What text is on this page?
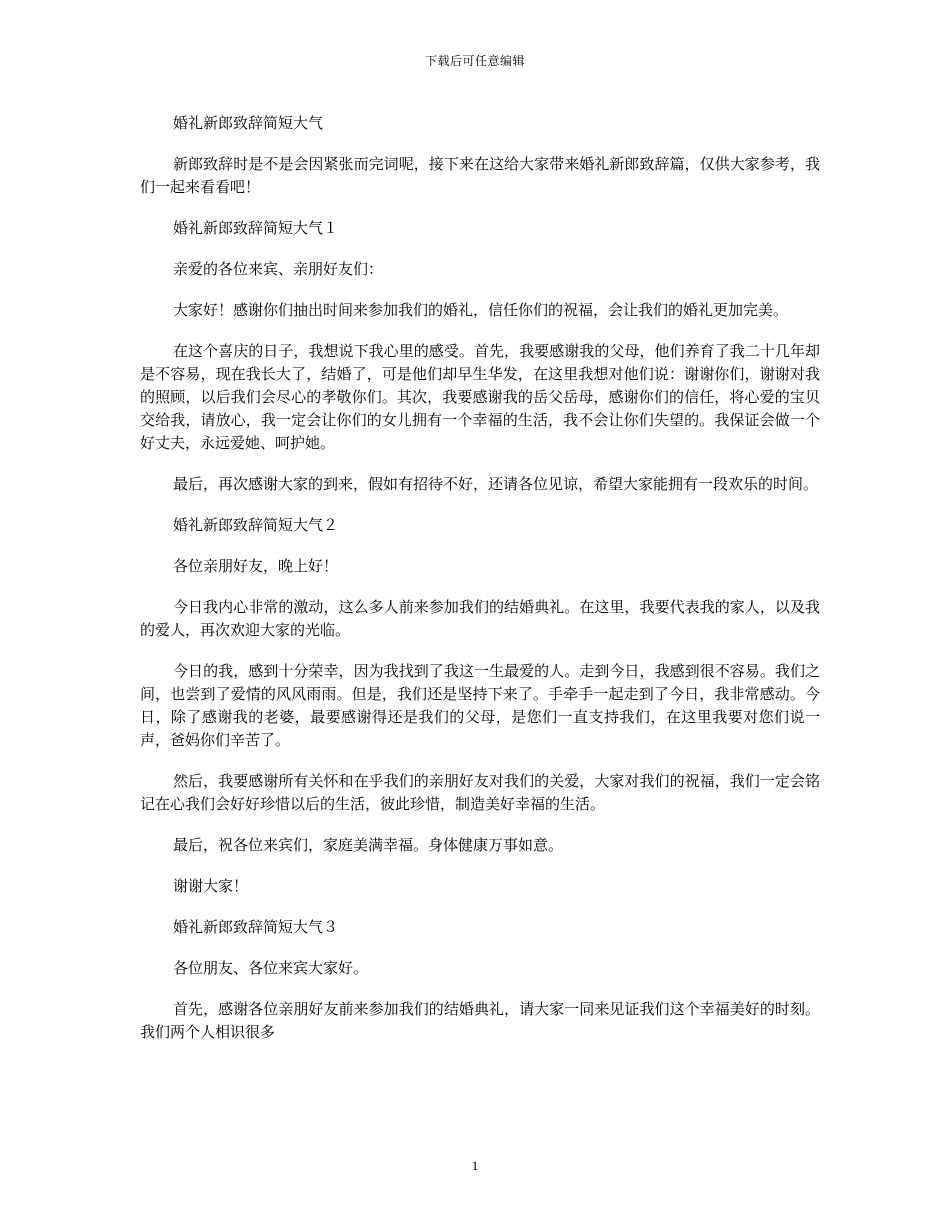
下载后可任意编辑

婚礼新郎致辞简短大气

新郎致辞时是不是会因紧张而完词呢，接下来在这给大家带来婚礼新郎致辞篇，仅供大家参考，我们一起来看看吧！

婚礼新郎致辞简短大气１

亲爱的各位来宾、亲朋好友们：

大家好！感谢你们抽出时间来参加我们的婚礼，信任你们的祝福，会让我们的婚礼更加完美。

在这个喜庆的日子，我想说下我心里的感受。首先，我要感谢我的父母，他们养育了我二十几年却是不容易，现在我长大了，结婚了，可是他们却早生华发，在这里我想对他们说：谢谢你们，谢谢对我的照顾，以后我们会尽心的孝敬你们。其次，我要感谢我的岳父岳母，感谢你们的信任，将心爱的宝贝交给我，请放心，我一定会让你们的女儿拥有一个幸福的生活，我不会让你们失望的。我保证会做一个好丈夫，永远爱她、呵护她。

最后，再次感谢大家的到来，假如有招待不好，还请各位见谅，希望大家能拥有一段欢乐的时间。

婚礼新郎致辞简短大气２

各位亲朋好友，晚上好！

今日我内心非常的激动，这么多人前来参加我们的结婚典礼。在这里，我要代表我的家人，以及我的爱人，再次欢迎大家的光临。

今日的我，感到十分荣幸，因为我找到了我这一生最爱的人。走到今日，我感到很不容易。我们之间，也尝到了爱情的风风雨雨。但是，我们还是坚持下来了。手牵手一起走到了今日，我非常感动。今日，除了感谢我的老婆，最要感谢得还是我们的父母，是您们一直支持我们，在这里我要对您们说一声，爸妈你们辛苦了。

然后，我要感谢所有关怀和在乎我们的亲朋好友对我们的关爱，大家对我们的祝福，我们一定会铭记在心我们会好好珍惜以后的生活，彼此珍惜，制造美好幸福的生活。

最后，祝各位来宾们，家庭美满幸福。身体健康万事如意。

谢谢大家！

婚礼新郎致辞简短大气３

各位朋友、各位来宾大家好。

首先，感谢各位亲朋好友前来参加我们的结婚典礼，请大家一同来见证我们这个幸福美好的时刻。我们两个人相识很多

1
